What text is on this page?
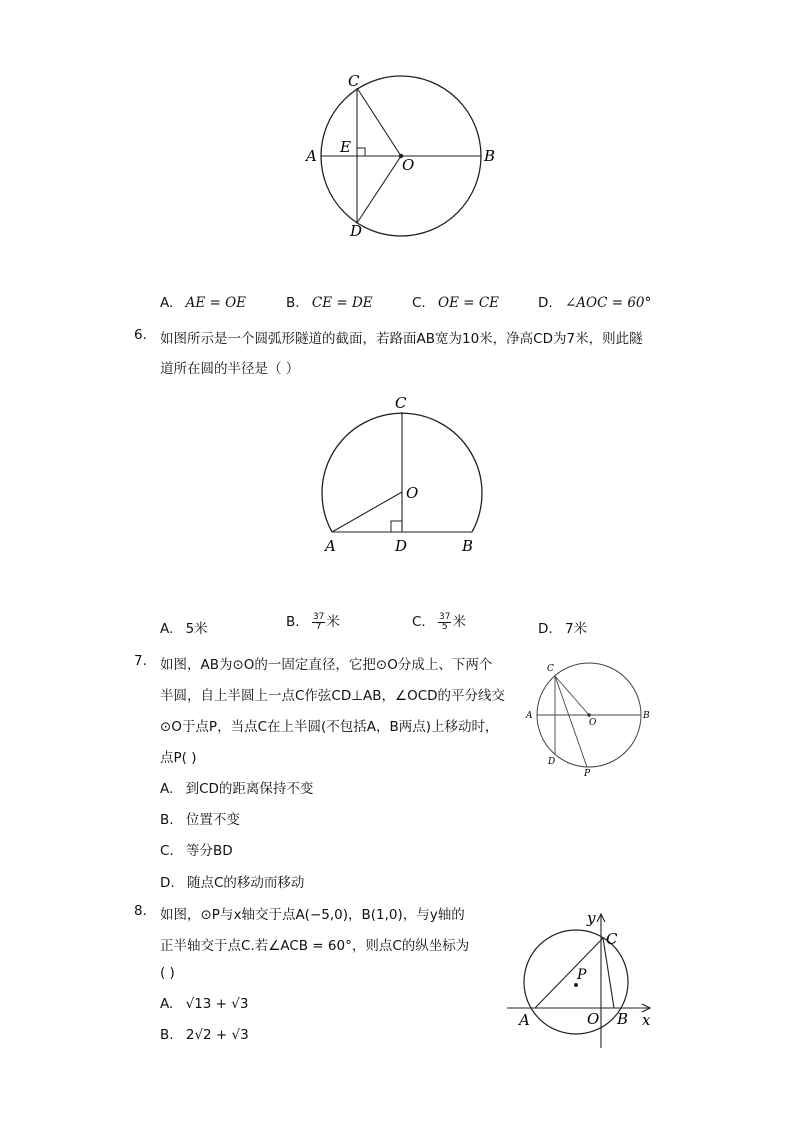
C
E
A	O	B
D
A. AE = OE	B. CE = DE	C. OE = CE	D. ∠AOC = 60°
6. 如图所示是一个圆弧形隧道的截面，若路面AB宽为10米，净高CD为7米，则此隧
道所在圆的半径是（ ）
C
O
A	D	B
A. 5米	B. $\frac{37}{7}$ 米	C. $\frac{37}{5}$ 米	D. 7米
7. 如图，AB为⊙O的一固定直径，它把⊙O分成上、下两个
半圆，自上半圆上一点C作弦CD⊥AB，∠OCD的平分线交
⊙O于点P，当点C在上半圆(不包括A，B两点)上移动时，
点P( )
C
A
O
B
D
P
A. 到CD的距离保持不变
B. 位置不变
C. 等分BD
D. 随点C的移动而移动
8. 如图，⊙P与x轴交于点A(−5,0)，B(1,0)，与y轴的
正半轴交于点C.若∠ACB = 60°，则点C的纵坐标为
( )
y
C
P
A	O B x
A. √13 + √3
B. 2√2 + √3
